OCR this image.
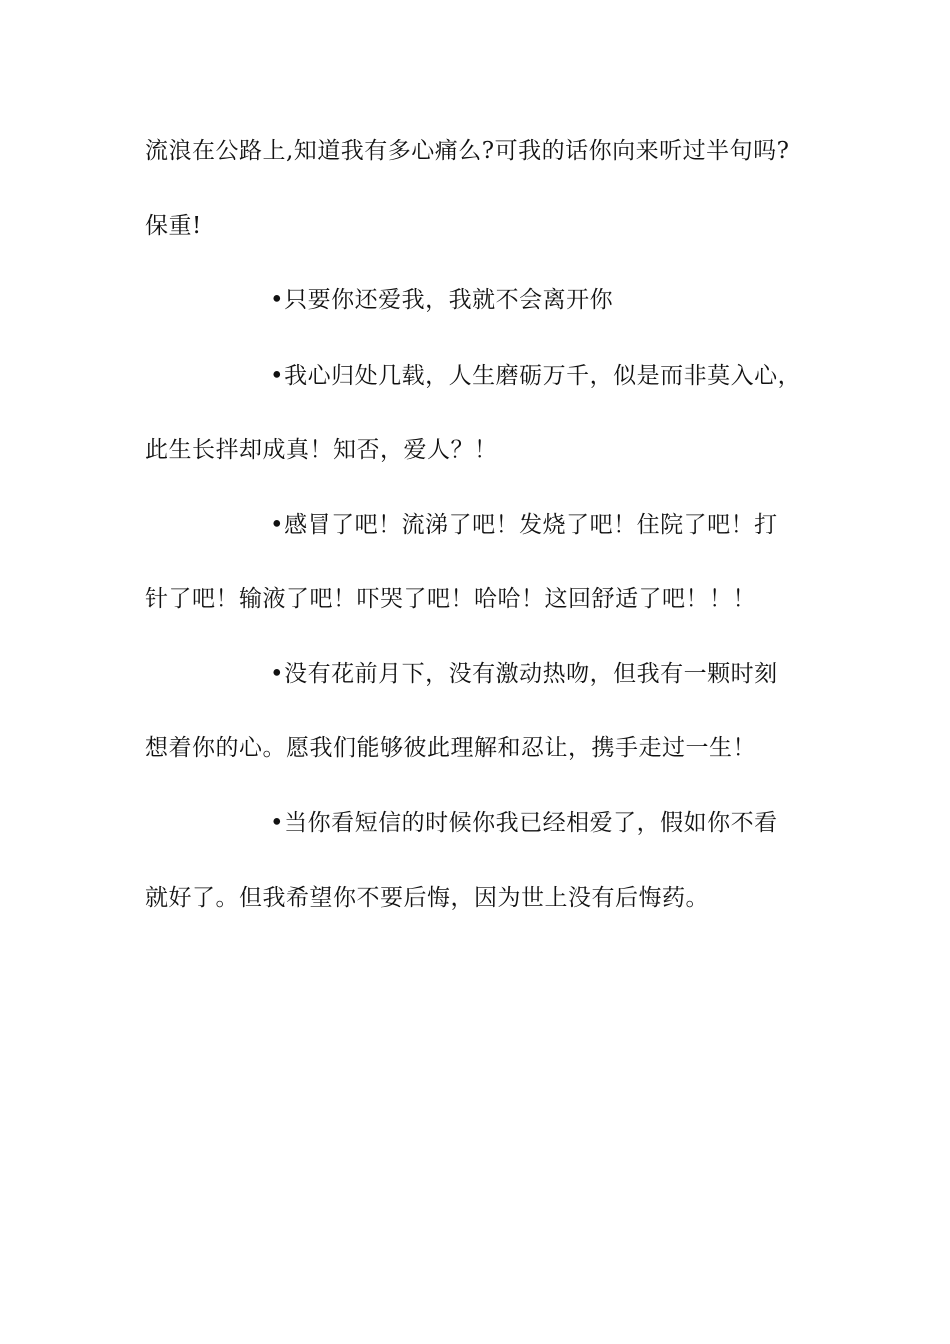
流浪在公路上,知道我有多心痛么?可我的话你向来听过半句吗?
保重!
•只要你还爱我，我就不会离开你
•我心归处几载，人生磨砺万千，似是而非莫入心，
此生长拌却成真！知否，爱人？！
•感冒了吧！流涕了吧！发烧了吧！住院了吧！打
针了吧！输液了吧！吓哭了吧！哈哈！这回舒适了吧！！！
•没有花前月下，没有激动热吻，但我有一颗时刻
想着你的心。愿我们能够彼此理解和忍让，携手走过一生！
•当你看短信的时候你我已经相爱了，假如你不看
就好了。但我希望你不要后悔，因为世上没有后悔药。
